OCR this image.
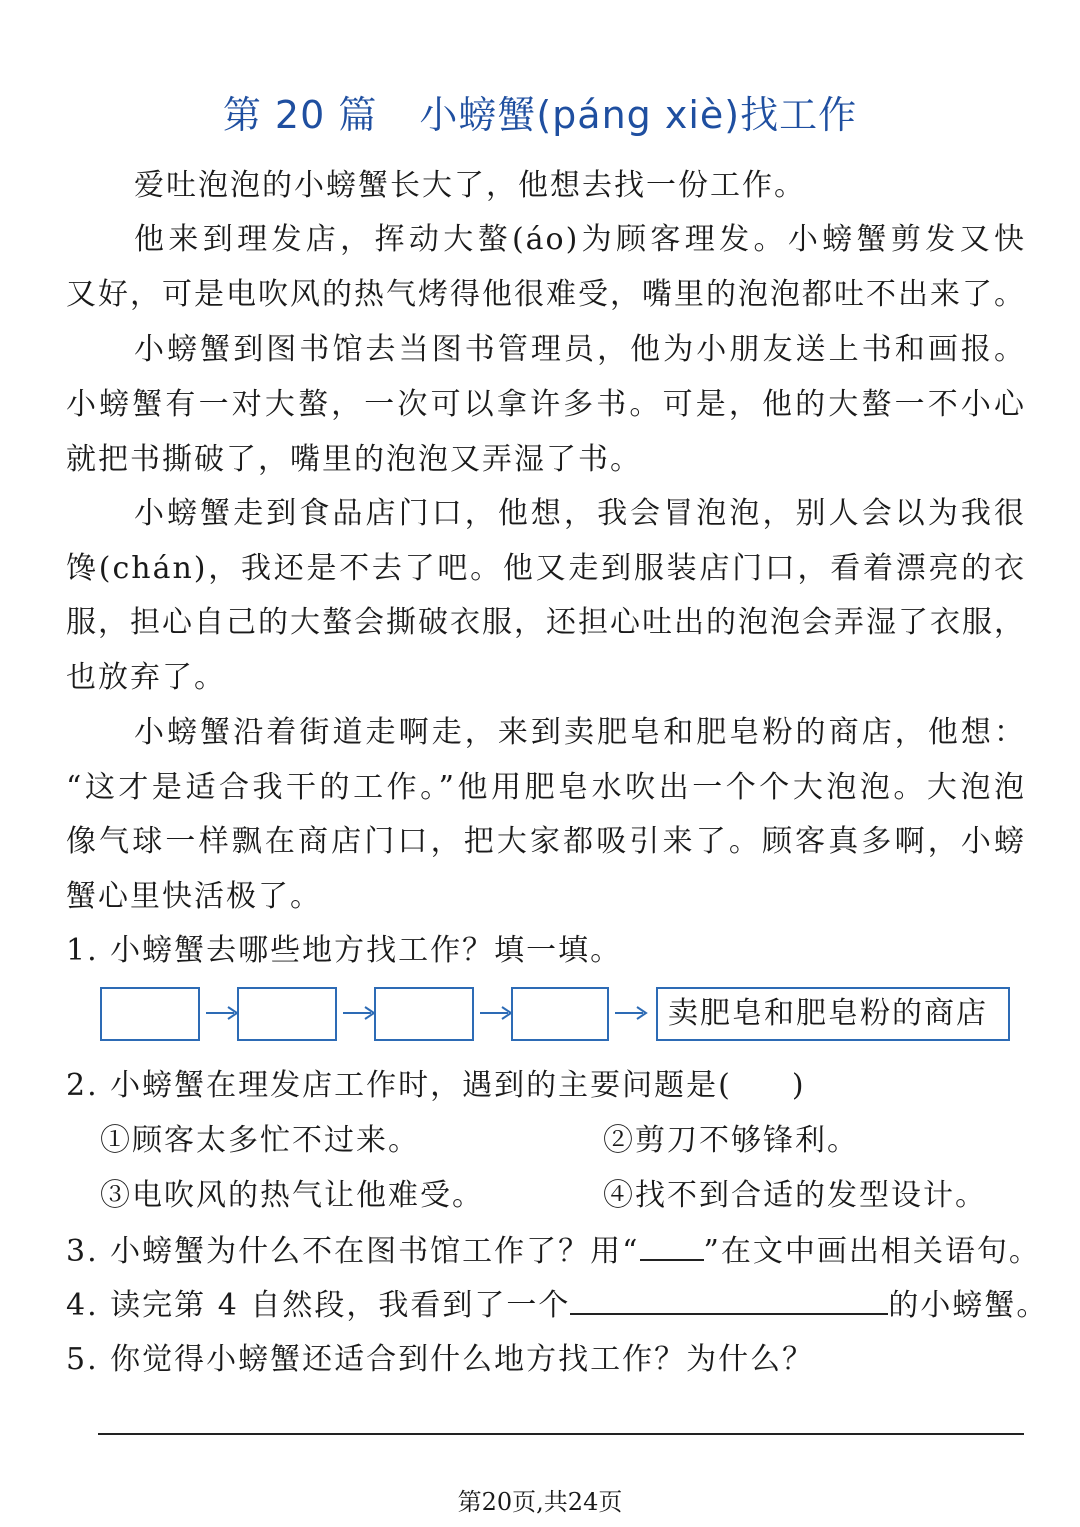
第 20 篇 小螃蟹(páng xiè)找工作
爱吐泡泡的小螃蟹长大了，他想去找一份工作。
他来到理发店，挥动大螯(áo)为顾客理发。小螃蟹剪发又快
又好，可是电吹风的热气烤得他很难受，嘴里的泡泡都吐不出来了。
小螃蟹到图书馆去当图书管理员，他为小朋友送上书和画报。
小螃蟹有一对大螯，一次可以拿许多书。可是，他的大螯一不小心
就把书撕破了，嘴里的泡泡又弄湿了书。
小螃蟹走到食品店门口，他想，我会冒泡泡，别人会以为我很
馋(chán)，我还是不去了吧。他又走到服装店门口，看着漂亮的衣
服，担心自己的大螯会撕破衣服，还担心吐出的泡泡会弄湿了衣服，
也放弃了。
小螃蟹沿着街道走啊走，来到卖肥皂和肥皂粉的商店，他想：
“这才是适合我干的工作。”他用肥皂水吹出一个个大泡泡。大泡泡
像气球一样飘在商店门口，把大家都吸引来了。顾客真多啊，小螃
蟹心里快活极了。
1. 小螃蟹去哪些地方找工作？填一填。
卖肥皂和肥皂粉的商店
2. 小螃蟹在理发店工作时，遇到的主要问题是( )
①顾客太多忙不过来。	②剪刀不够锋利。
③电吹风的热气让他难受。	④找不到合适的发型设计。
3. 小螃蟹为什么不在图书馆工作了？用“ ”在文中画出相关语句。
4. 读完第 4 自然段，我看到了一个	的小螃蟹。
5. 你觉得小螃蟹还适合到什么地方找工作？为什么？
第20页,共24页
